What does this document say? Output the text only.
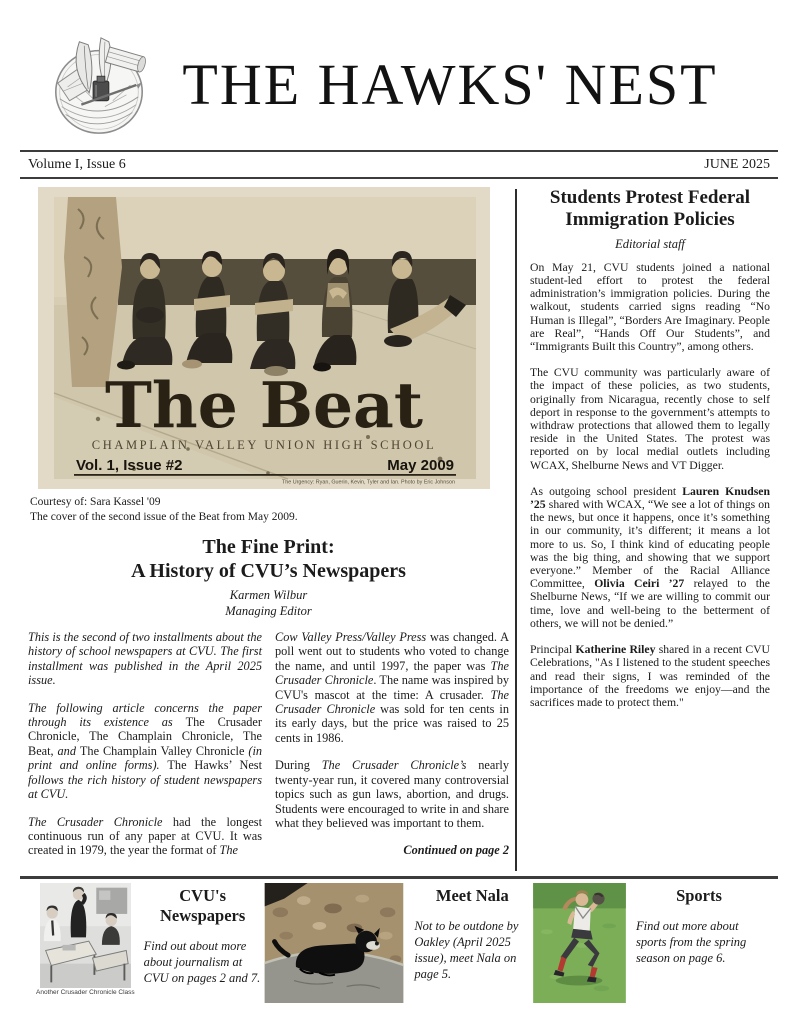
THE HAWKS' NEST
Volume I, Issue 6	JUNE 2025
The Beat
CHAMPLAIN VALLEY UNION HIGH SCHOOL
Vol. 1, Issue #2	May 2009
The Urgency: Ryan, Guerin, Kevin, Tyler and Ian. Photo by Eric Johnson
Courtesy of: Sara Kassel '09
The cover of the second issue of the Beat from May 2009.
The Fine Print:
A History of CVU’s Newspapers
Karmen Wilbur
Managing Editor

This is the second of two installments about the history of school newspapers at CVU. The first installment was published in the April 2025 issue.

The following article concerns the paper through its existence as The Crusader Chronicle, The Champlain Chronicle, The Beat, and The Champlain Valley Chronicle (in print and online forms). The Hawks’ Nest follows the rich history of student newspapers at CVU.

The Crusader Chronicle had the longest continuous run of any paper at CVU. It was created in 1979, the year the format of The

Cow Valley Press/Valley Press was changed. A poll went out to students who voted to change the name, and until 1997, the paper was The Crusader Chronicle. The name was inspired by CVU's mascot at the time: A crusader. The Crusader Chronicle was sold for ten cents in its early days, but the price was raised to 25 cents in 1986.

During The Crusader Chronicle’s nearly twenty-year run, it covered many controversial topics such as gun laws, abortion, and drugs. Students were encouraged to write in and share what they believed was important to them.

Continued on page 2
Students Protest Federal Immigration Policies
Editorial staff

On May 21, CVU students joined a national student-led effort to protest the federal administration’s immigration policies. During the walkout, students carried signs reading “No Human is Illegal”, “Borders Are Imaginary. People are Real”, “Hands Off Our Students”, and “Immigrants Built this Country”, among others.

The CVU community was particularly aware of the impact of these policies, as two students, originally from Nicaragua, recently chose to self deport in response to the government’s attempts to withdraw protections that allowed them to legally reside in the United States. The protest was reported on by local medial outlets including WCAX, Shelburne News and VT Digger.

As outgoing school president Lauren Knudsen ’25 shared with WCAX, “We see a lot of things on the news, but once it happens, once it’s something in our community, it’s different; it means a lot more to us. So, I think kind of educating people was the big thing, and showing that we support everyone.” Member of the Racial Alliance Committee, Olivia Ceiri ’27 relayed to the Shelburne News, “If we are willing to commit our time, love and well-being to the betterment of others, we will not be denied.”

Principal Katherine Riley shared in a recent CVU Celebrations, "As I listened to the student speeches and read their signs, I was reminded of the importance of the freedoms we enjoy—and the sacrifices made to protect them."

Another Crusader Chronicle Class
CVU's Newspapers

Find out about more about journalism at CVU on pages 2 and 7.

Meet Nala

Not to be outdone by Oakley (April 2025 issue), meet Nala on page 5.

Sports

Find out more about sports from the spring season on page 6.
